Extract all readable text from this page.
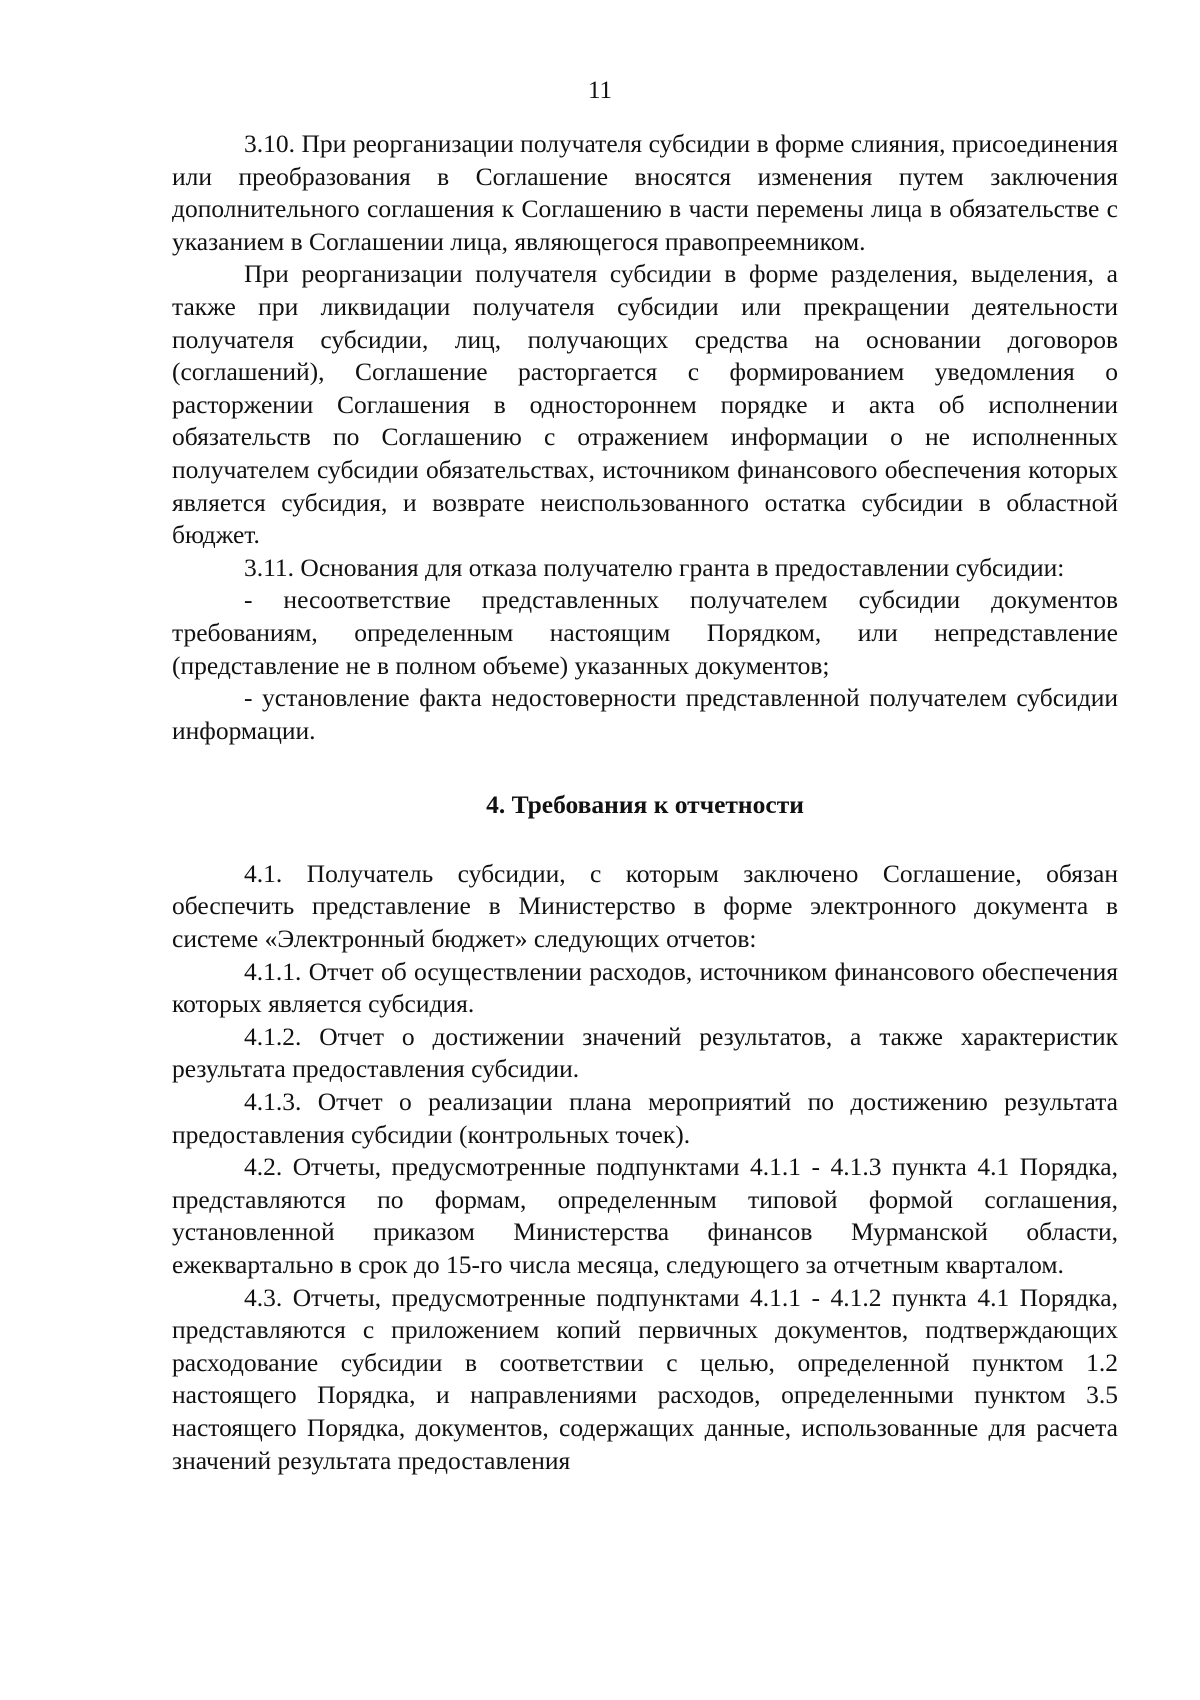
11

3.10. При реорганизации получателя субсидии в форме слияния, присоединения или преобразования в Соглашение вносятся изменения путем заключения дополнительного соглашения к Соглашению в части перемены лица в обязательстве с указанием в Соглашении лица, являющегося правопреемником.

При реорганизации получателя субсидии в форме разделения, выделения, а также при ликвидации получателя субсидии или прекращении деятельности получателя субсидии, лиц, получающих средства на основании договоров (соглашений), Соглашение расторгается с формированием уведомления о расторжении Соглашения в одностороннем порядке и акта об исполнении обязательств по Соглашению с отражением информации о не исполненных получателем субсидии обязательствах, источником финансового обеспечения которых является субсидия, и возврате неиспользованного остатка субсидии в областной бюджет.

3.11. Основания для отказа получателю гранта в предоставлении субсидии:

- несоответствие представленных получателем субсидии документов требованиям, определенным настоящим Порядком, или непредставление (представление не в полном объеме) указанных документов;

- установление факта недостоверности представленной получателем субсидии информации.

4. Требования к отчетности

4.1. Получатель субсидии, с которым заключено Соглашение, обязан обеспечить представление в Министерство в форме электронного документа в системе «Электронный бюджет» следующих отчетов:

4.1.1. Отчет об осуществлении расходов, источником финансового обеспечения которых является субсидия.

4.1.2. Отчет о достижении значений результатов, а также характеристик результата предоставления субсидии.

4.1.3. Отчет о реализации плана мероприятий по достижению результата предоставления субсидии (контрольных точек).

4.2. Отчеты, предусмотренные подпунктами 4.1.1 - 4.1.3 пункта 4.1 Порядка, представляются по формам, определенным типовой формой соглашения, установленной приказом Министерства финансов Мурманской области, ежеквартально в срок до 15-го числа месяца, следующего за отчетным кварталом.

4.3. Отчеты, предусмотренные подпунктами 4.1.1 - 4.1.2 пункта 4.1 Порядка, представляются с приложением копий первичных документов, подтверждающих расходование субсидии в соответствии с целью, определенной пунктом 1.2 настоящего Порядка, и направлениями расходов, определенными пунктом 3.5 настоящего Порядка, документов, содержащих данные, использованные для расчета значений результата предоставления
